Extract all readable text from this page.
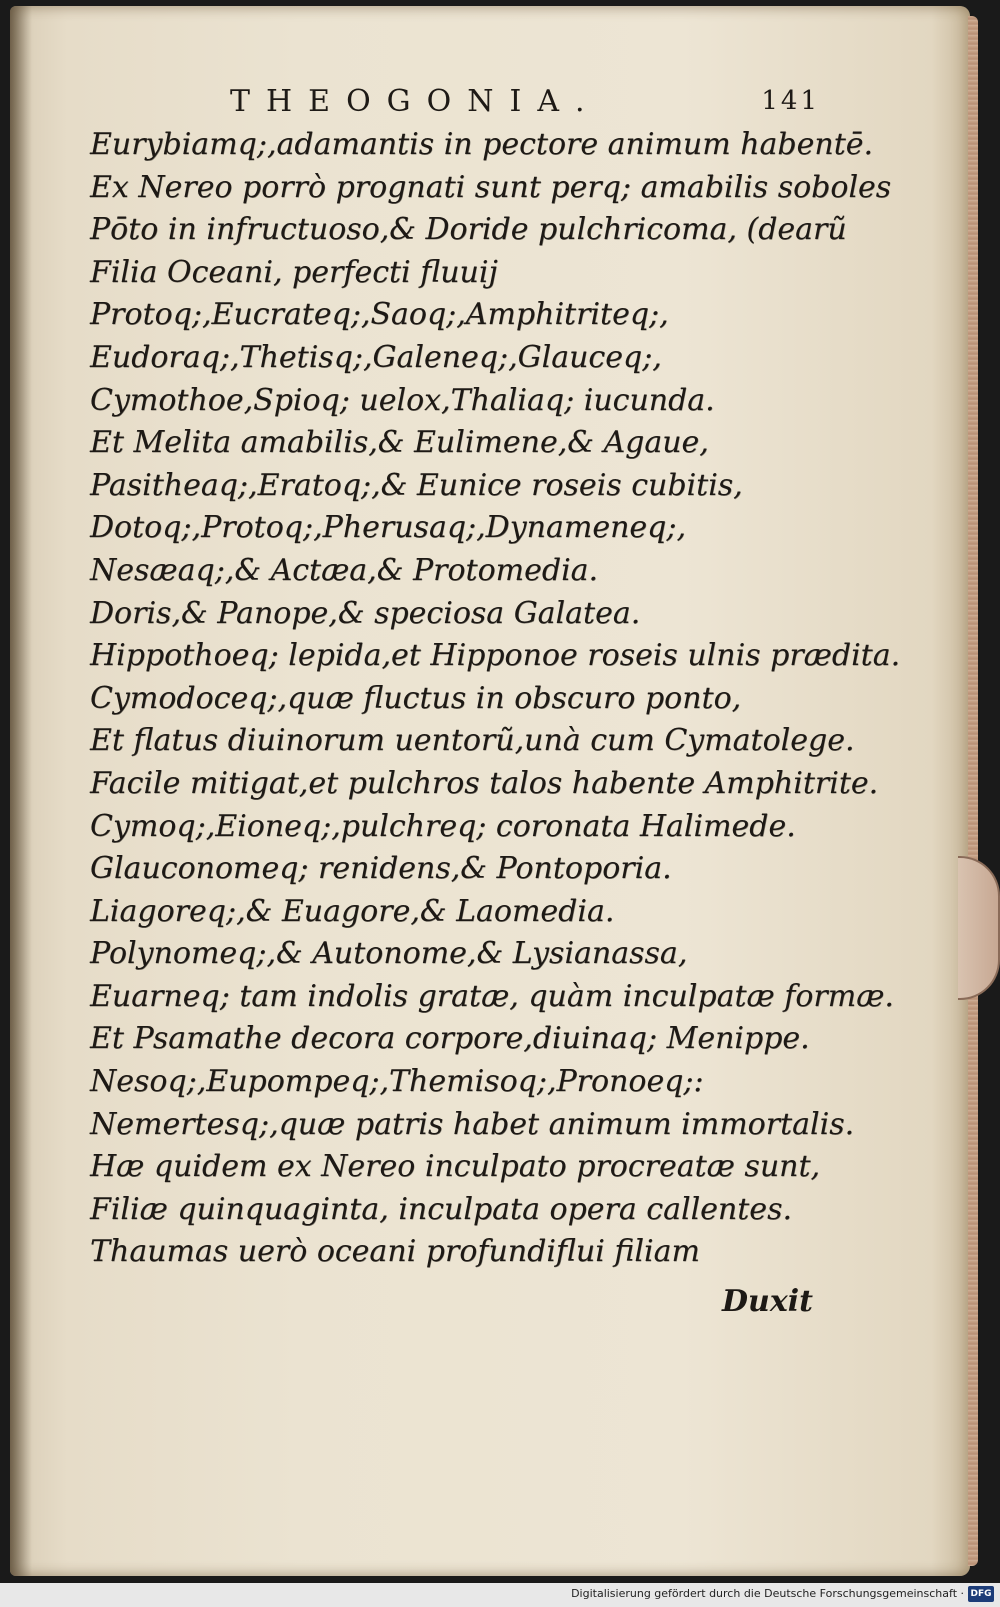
THEOGONIA.	141
Eurybiamq;,adamantis in pectore animum habentē.
Ex Nereo porrò prognati sunt perq; amabilis soboles
Pōto in infructuoso,& Doride pulchricoma, (dearũ
Filia Oceani, perfecti fluuij
Protoq;,Eucrateq;,Saoq;,Amphitriteq;,
Eudoraq;,Thetisq;,Galeneq;,Glauceq;,
Cymothoe,Spioq; uelox,Thaliaq; iucunda.
Et Melita amabilis,& Eulimene,& Agaue,
Pasitheaq;,Eratoq;,& Eunice roseis cubitis,
Dotoq;,Protoq;,Pherusaq;,Dynameneq;,
Nesæaq;,& Actæa,& Protomedia.
Doris,& Panope,& speciosa Galatea.
Hippothoeq; lepida,et Hipponoe roseis ulnis prædita.
Cymodoceq;,quæ fluctus in obscuro ponto,
Et flatus diuinorum uentorũ,unà cum Cymatolege.
Facile mitigat,et pulchros talos habente Amphitrite.
Cymoq;,Eioneq;,pulchreq; coronata Halimede.
Glauconomeq; renidens,& Pontoporia.
Liagoreq;,& Euagore,& Laomedia.
Polynomeq;,& Autonome,& Lysianassa,
Euarneq; tam indolis gratæ, quàm inculpatæ formæ.
Et Psamathe decora corpore,diuinaq; Menippe.
Nesoq;,Eupompeq;,Themisoq;,Pronoeq;:
Nemertesq;,quæ patris habet animum immortalis.
Hæ quidem ex Nereo inculpato procreatæ sunt,
Filiæ quinquaginta, inculpata opera callentes.
Thaumas uerò oceani profundiflui filiam
Duxit
Digitalisierung gefördert durch die Deutsche Forschungsgemeinschaft · DFG
